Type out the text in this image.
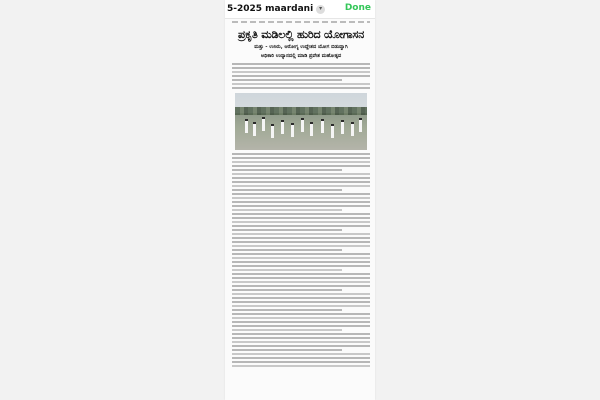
5-2025 maardani ▾	Done
ಪ್ರಕೃತಿ ಮಡಿಲಲ್ಲಿ ಹುರಿದ ಯೋಗಾಸನ
ಮತ್ತು - ಉಸಿರು, ಆರೋಗ್ಯ ಉದ್ದೇಶದ ಯೋಗ ಬಿಡುವ್ವಾಗಿ
ಅಧಿಕಾರಿ ಉದ್ಯಾನದಲ್ಲಿ ಮಾಡಿ ಪ್ರವೇಶ ಮಹೋತ್ಸವ
